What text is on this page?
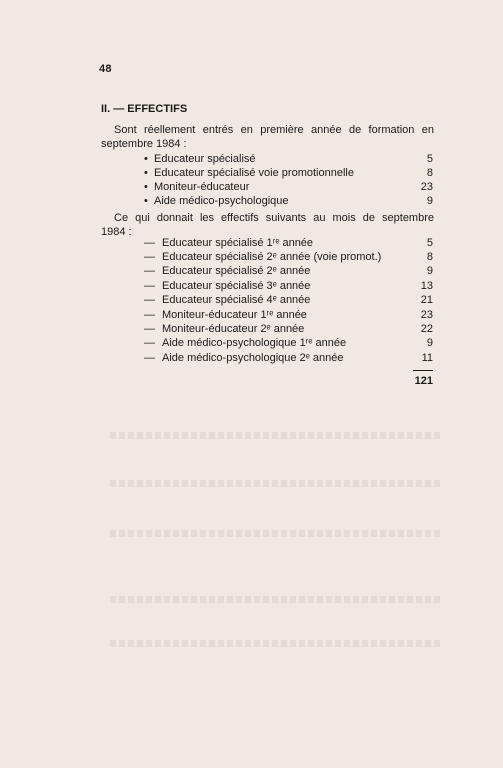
48
II. — EFFECTIFS
Sont réellement entrés en première année de formation en
septembre 1984 :
• Educateur spécialisé	5
• Educateur spécialisé voie promotionnelle	8
• Moniteur-éducateur	23
• Aide médico-psychologique	9
Ce qui donnait les effectifs suivants au mois de septembre
1984 :
— Educateur spécialisé 1ʳᵉ année	5
— Educateur spécialisé 2ᵉ année (voie promot.)	8
— Educateur spécialisé 2ᵉ année	9
— Educateur spécialisé 3ᵉ année	13
— Educateur spécialisé 4ᵉ année	21
— Moniteur-éducateur 1ʳᵉ année	23
— Moniteur-éducateur 2ᵉ année	22
— Aide médico-psychologique 1ʳᵉ année	9
— Aide médico-psychologique 2ᵉ année	11
121
